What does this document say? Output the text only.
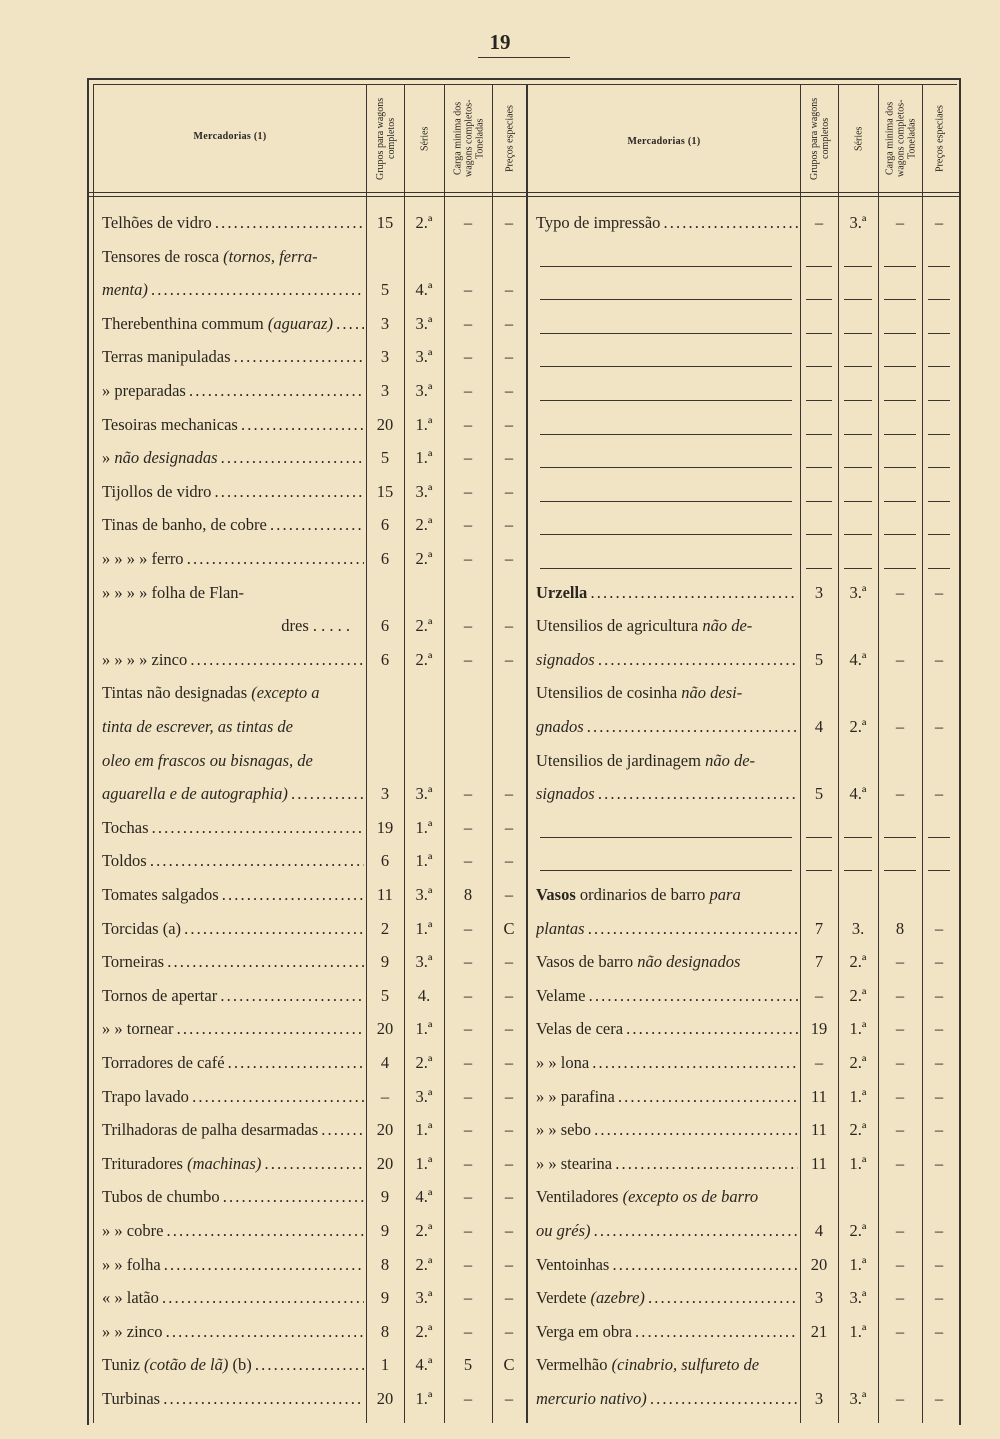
19
Mercadorias (1)	Grupos para wagons completos	Séries	Carga minima dos wagons completos-Toneladas	Preços especiaes	Mercadorias (1)	Grupos para wagons completos	Séries	Carga minima dos wagons completos-Toneladas	Preços especiaes
Telhões de vidro . . .	15	2.ª	–	–
Tensores de rosca (tornos, ferra-
menta) . . .	5	4.ª	–	–
Therebenthina commum (aguaraz) . . .	3	3.ª	–	–
Terras manipuladas . . .	3	3.ª	–	–
» preparadas . . .	3	3.ª	–	–
Tesoiras mechanicas . . .	20	1.ª	–	–
» não designadas . . .	5	1.ª	–	–
Tijollos de vidro . . .	15	3.ª	–	–
Tinas de banho, de cobre . . .	6	2.ª	–	–
» » » » ferro . . .	6	2.ª	–	–
» » » » folha de Flan-
dres . . . . .	6	2.ª	–	–
» » » » zinco . . .	6	2.ª	–	–
Tintas não designadas (excepto a
tinta de escrever, as tintas de
oleo em frascos ou bisnagas, de
aguarella e de autographia) . . .	3	3.ª	–	–
Tochas . . .	19	1.ª	–	–
Toldos . . .	6	1.ª	–	–
Tomates salgados . . .	11	3.ª	8	–
Torcidas (a) . . .	2	1.ª	–	C
Torneiras . . .	9	3.ª	–	–
Tornos de apertar . . .	5	4.	–	–
» » tornear . . .	20	1.ª	–	–
Torradores de café . . .	4	2.ª	–	–
Trapo lavado . . .	–	3.ª	–	–
Trilhadoras de palha desarmadas . . .	20	1.ª	–	–
Trituradores (machinas) . . .	20	1.ª	–	–
Tubos de chumbo . . .	9	4.ª	–	–
» » cobre . . .	9	2.ª	–	–
» » folha . . .	8	2.ª	–	–
« » latão . . .	9	3.ª	–	–
» » zinco . . .	8	2.ª	–	–
Tuniz (cotão de lã) (b) . . .	1	4.ª	5	C
Turbinas . . .	20	1.ª	–	–
Typo de impressão . . .	–	3.ª	–	–
Urzella . . .	3	3.ª	–	–
Utensilios de agricultura não de-
signados . . .	5	4.ª	–	–
Utensilios de cosinha não desi-
gnados . . .	4	2.ª	–	–
Utensilios de jardinagem não de-
signados . . .	5	4.ª	–	–
Vasos ordinarios de barro para
plantas . . .	7	3.	8	–
Vasos de barro não designados	7	2.ª	–	–
Velame . . .	–	2.ª	–	–
Velas de cera . . .	19	1.ª	–	–
» » lona . . .	–	2.ª	–	–
» » parafina . . .	11	1.ª	–	–
» » sebo . . .	11	2.ª	–	–
» » stearina . . .	11	1.ª	–	–
Ventiladores (excepto os de barro
ou grés) . . .	4	2.ª	–	–
Ventoinhas . . .	20	1.ª	–	–
Verdete (azebre) . . .	3	3.ª	–	–
Verga em obra . . .	21	1.ª	–	–
Vermelhão (cinabrio, sulfureto de
mercurio nativo) . . .	3	3.ª	–	–
